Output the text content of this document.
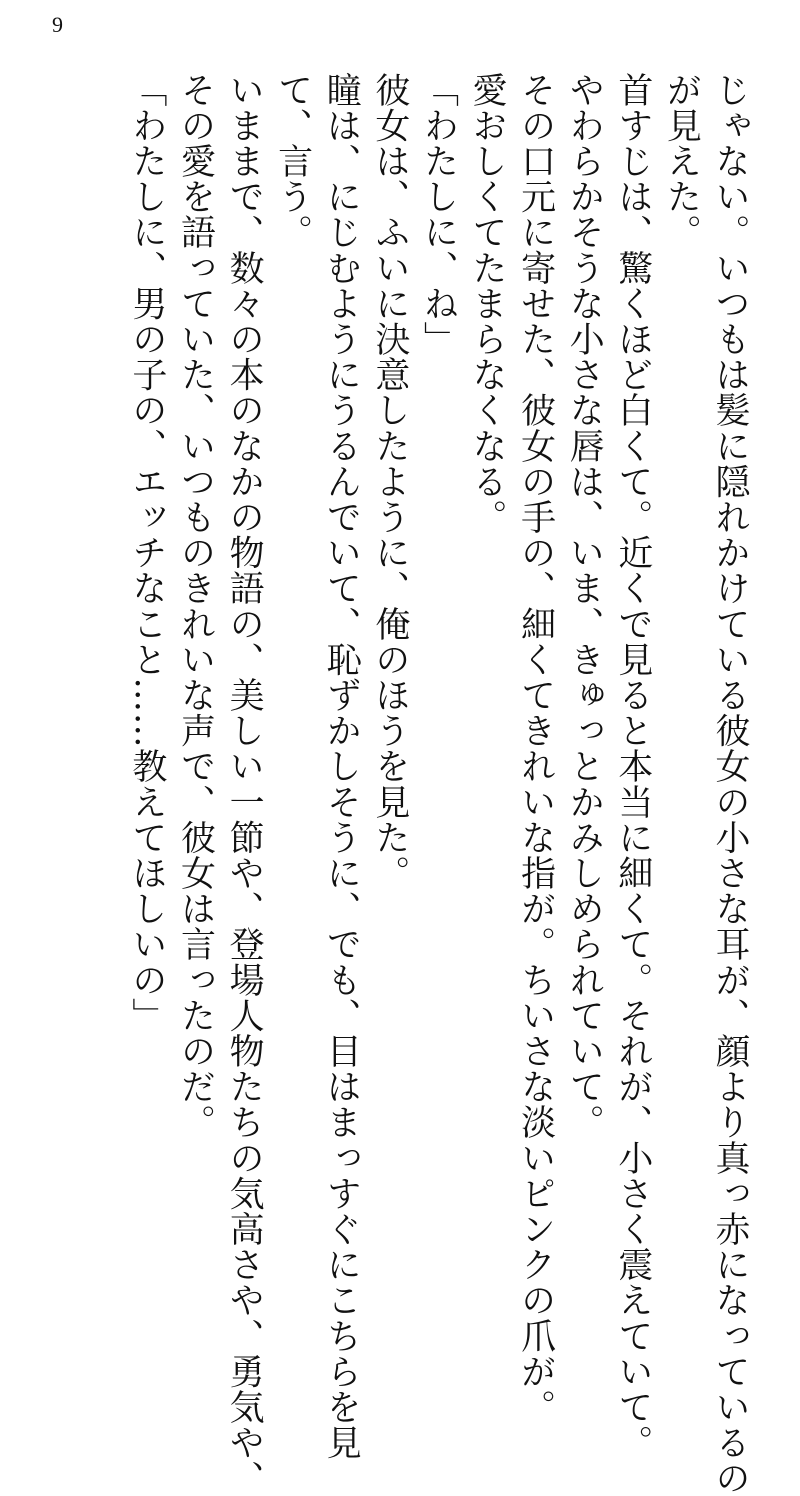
9
じゃない。いつもは髪に隠れかけている彼女の小さな耳が、顔より真っ赤になっているの
が見えた。
首すじは、驚くほど白くて。近くで見ると本当に細くて。それが、小さく震えていて。
やわらかそうな小さな唇は、いま、きゅっとかみしめられていて。
その口元に寄せた、彼女の手の、細くてきれいな指が。ちいさな淡いピンクの爪が。
愛おしくてたまらなくなる。
「わたしに、ね」
彼女は、ふいに決意したように、俺のほうを見た。
瞳は、にじむようにうるんでいて、恥ずかしそうに、でも、目はまっすぐにこちらを見
て、言う。
いままで、数々の本のなかの物語の、美しい一節や、登場人物たちの気高さや、勇気や、
その愛を語っていた、いつものきれいな声で、彼女は言ったのだ。
「わたしに、男の子の、エッチなこと……教えてほしいの」
